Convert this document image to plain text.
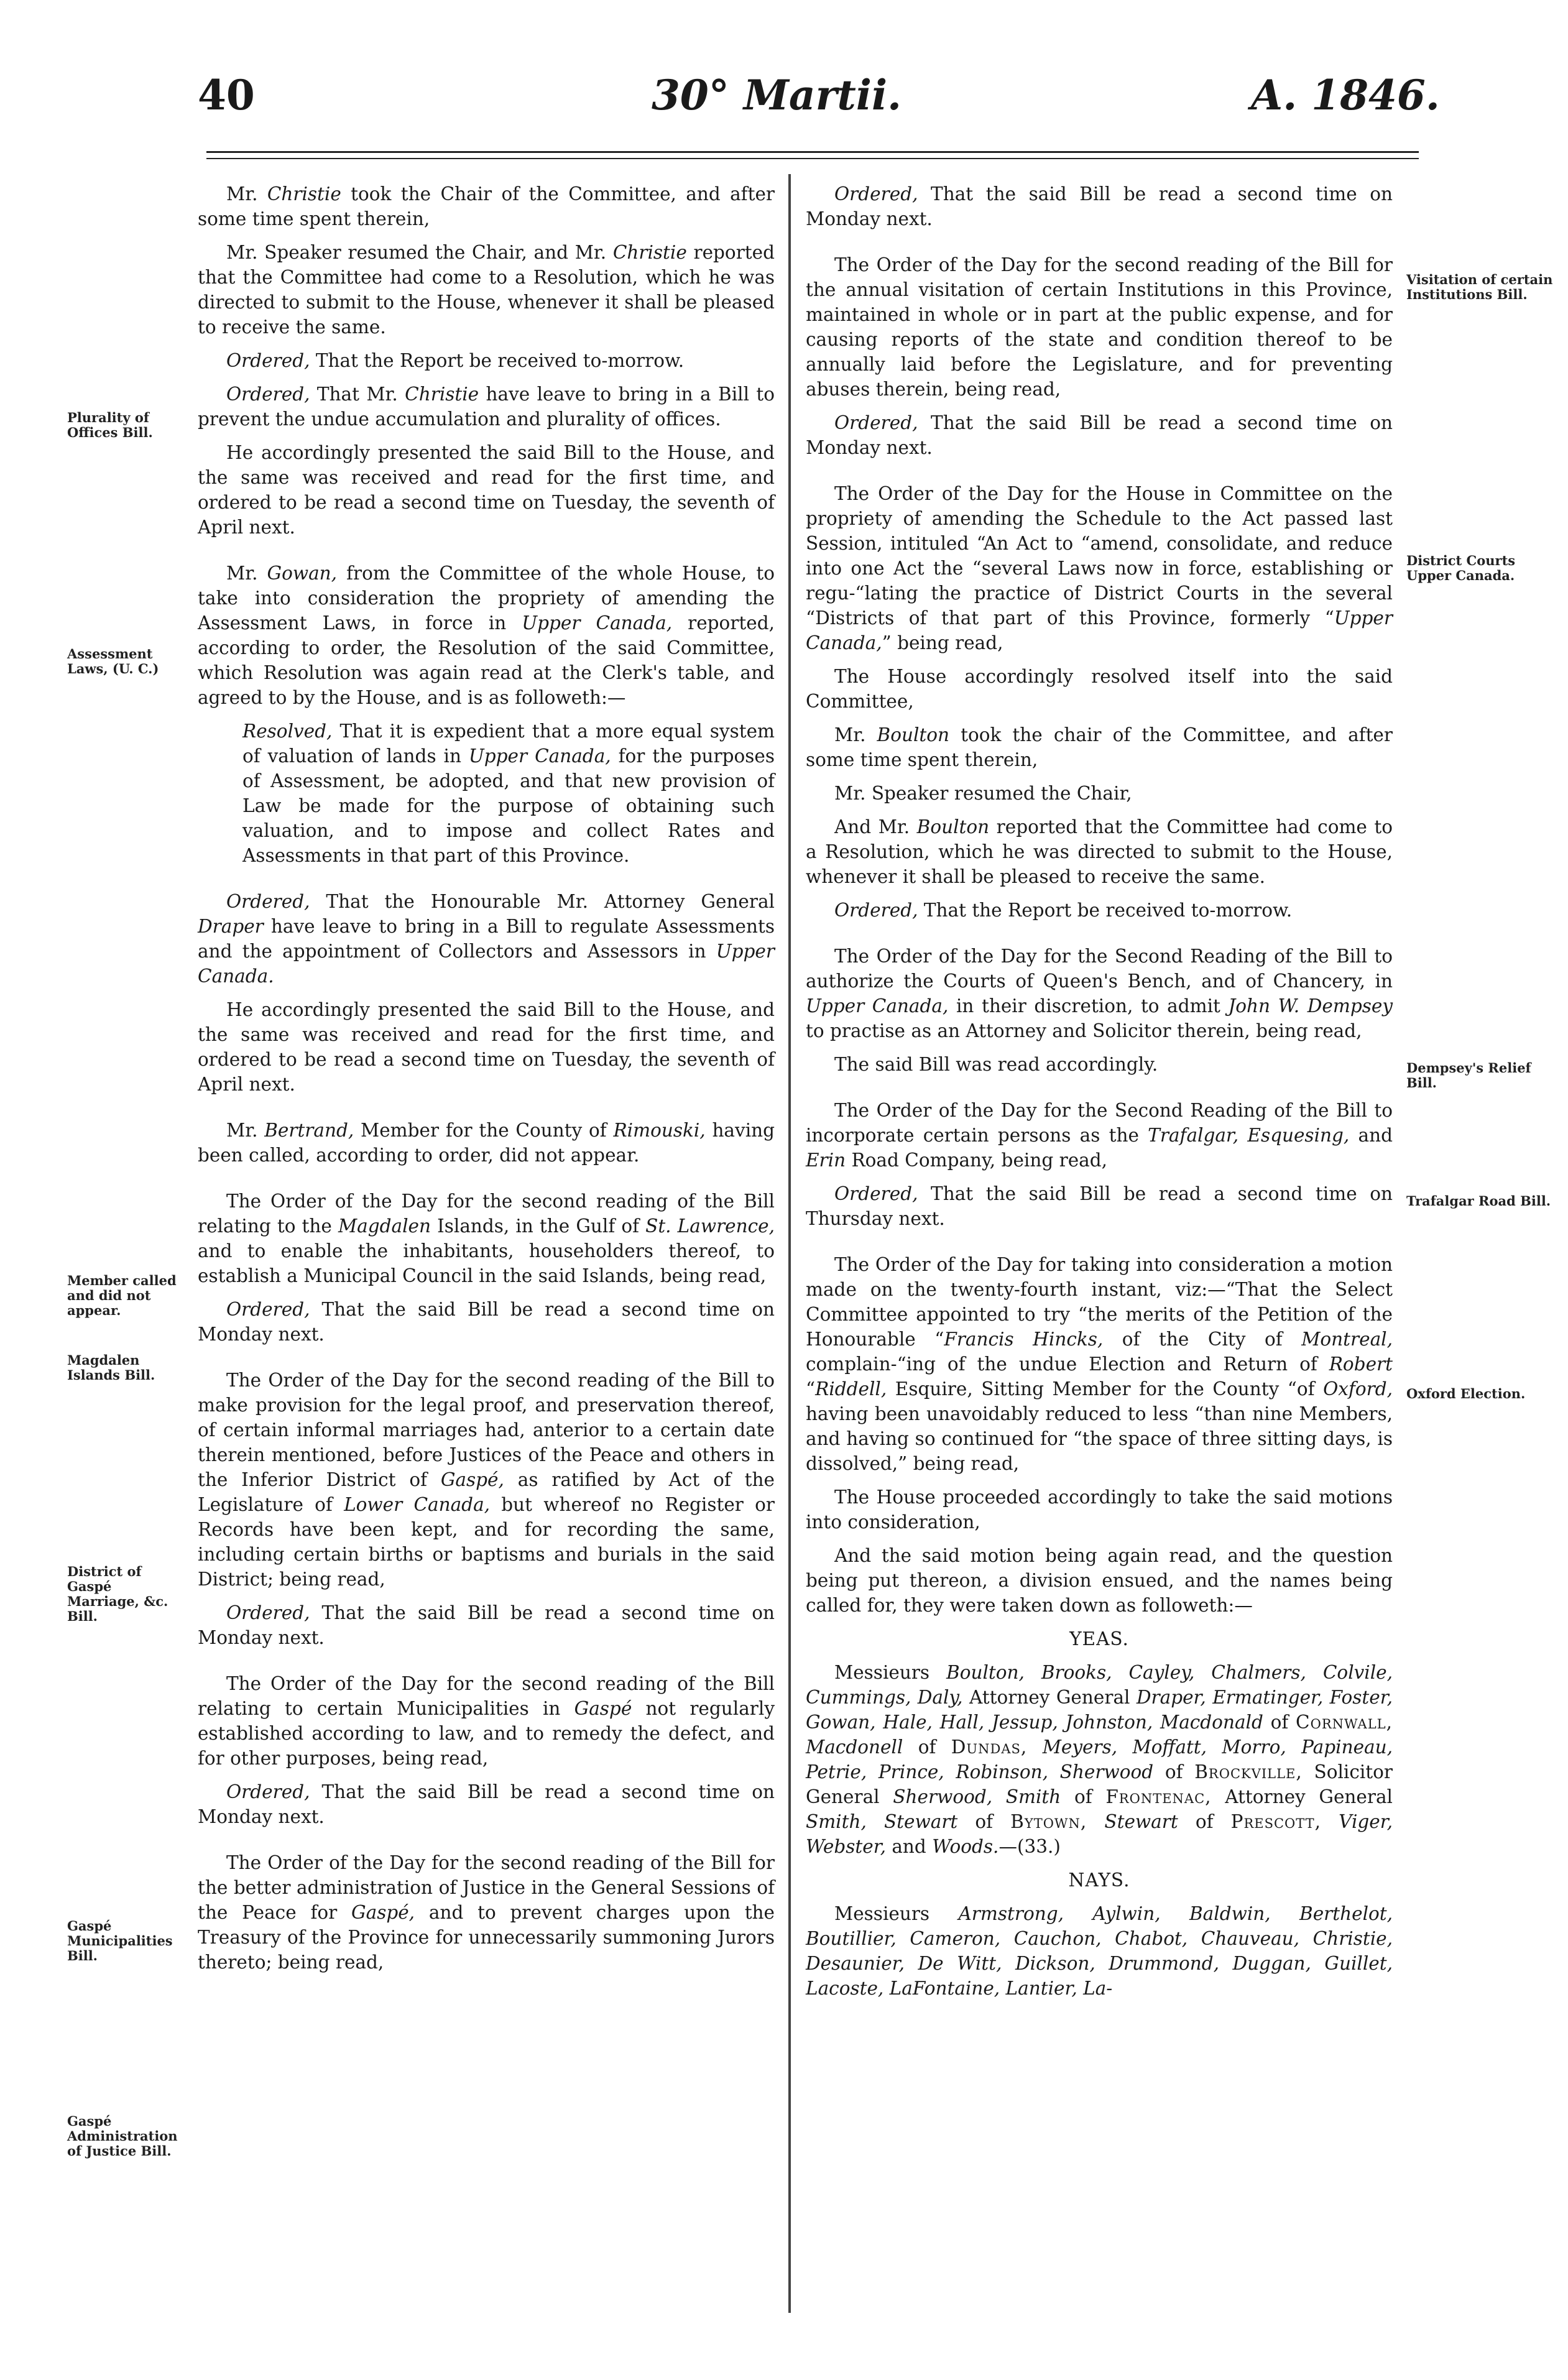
40	30° Martii.	A. 1846.
Plurality of Offices Bill.
Assessment Laws, (U. C.)
Member called and did not appear.
Magdalen Islands Bill.
District of Gaspé Marriage, &c. Bill.
Gaspé Municipalities Bill.
Gaspé Administration of Justice Bill.
Visitation of certain Institutions Bill.
District Courts Upper Canada.
Dempsey's Relief Bill.
Trafalgar Road Bill.
Oxford Election.

Mr. Christie took the Chair of the Committee, and after some time spent therein,

Mr. Speaker resumed the Chair, and Mr. Christie reported that the Committee had come to a Resolution, which he was directed to submit to the House, whenever it shall be pleased to receive the same.

Ordered, That the Report be received to-morrow.

Ordered, That Mr. Christie have leave to bring in a Bill to prevent the undue accumulation and plurality of offices.

He accordingly presented the said Bill to the House, and the same was received and read for the first time, and ordered to be read a second time on Tuesday, the seventh of April next.

Mr. Gowan, from the Committee of the whole House, to take into consideration the propriety of amending the Assessment Laws, in force in Upper Canada, reported, according to order, the Resolution of the said Committee, which Resolution was again read at the Clerk's table, and agreed to by the House, and is as followeth:—

Resolved, That it is expedient that a more equal system of valuation of lands in Upper Canada, for the purposes of Assessment, be adopted, and that new provision of Law be made for the purpose of obtaining such valuation, and to impose and collect Rates and Assessments in that part of this Province.

Ordered, That the Honourable Mr. Attorney General Draper have leave to bring in a Bill to regulate Assessments and the appointment of Collectors and Assessors in Upper Canada.

He accordingly presented the said Bill to the House, and the same was received and read for the first time, and ordered to be read a second time on Tuesday, the seventh of April next.

Mr. Bertrand, Member for the County of Rimouski, having been called, according to order, did not appear.

The Order of the Day for the second reading of the Bill relating to the Magdalen Islands, in the Gulf of St. Lawrence, and to enable the inhabitants, householders thereof, to establish a Municipal Council in the said Islands, being read,

Ordered, That the said Bill be read a second time on Monday next.

The Order of the Day for the second reading of the Bill to make provision for the legal proof, and preservation thereof, of certain informal marriages had, anterior to a certain date therein mentioned, before Justices of the Peace and others in the Inferior District of Gaspé, as ratified by Act of the Legislature of Lower Canada, but whereof no Register or Records have been kept, and for recording the same, including certain births or baptisms and burials in the said District; being read,

Ordered, That the said Bill be read a second time on Monday next.

The Order of the Day for the second reading of the Bill relating to certain Municipalities in Gaspé not regularly established according to law, and to remedy the defect, and for other purposes, being read,

Ordered, That the said Bill be read a second time on Monday next.

The Order of the Day for the second reading of the Bill for the better administration of Justice in the General Sessions of the Peace for Gaspé, and to prevent charges upon the Treasury of the Province for unnecessarily summoning Jurors thereto; being read,

Ordered, That the said Bill be read a second time on Monday next.

The Order of the Day for the second reading of the Bill for the annual visitation of certain Institutions in this Province, maintained in whole or in part at the public expense, and for causing reports of the state and condition thereof to be annually laid before the Legislature, and for preventing abuses therein, being read,

Ordered, That the said Bill be read a second time on Monday next.

The Order of the Day for the House in Committee on the propriety of amending the Schedule to the Act passed last Session, intituled “An Act to “amend, consolidate, and reduce into one Act the “several Laws now in force, establishing or regu-“lating the practice of District Courts in the several “Districts of that part of this Province, formerly “Upper Canada,” being read,

The House accordingly resolved itself into the said Committee,

Mr. Boulton took the chair of the Committee, and after some time spent therein,

Mr. Speaker resumed the Chair,

And Mr. Boulton reported that the Committee had come to a Resolution, which he was directed to submit to the House, whenever it shall be pleased to receive the same.

Ordered, That the Report be received to-morrow.

The Order of the Day for the Second Reading of the Bill to authorize the Courts of Queen's Bench, and of Chancery, in Upper Canada, in their discretion, to admit John W. Dempsey to practise as an Attorney and Solicitor therein, being read,

The said Bill was read accordingly.

The Order of the Day for the Second Reading of the Bill to incorporate certain persons as the Trafalgar, Esquesing, and Erin Road Company, being read,

Ordered, That the said Bill be read a second time on Thursday next.

The Order of the Day for taking into consideration a motion made on the twenty-fourth instant, viz:—“That the Select Committee appointed to try “the merits of the Petition of the Honourable “Francis Hincks, of the City of Montreal, complain-“ing of the undue Election and Return of Robert “Riddell, Esquire, Sitting Member for the County “of Oxford, having been unavoidably reduced to less “than nine Members, and having so continued for “the space of three sitting days, is dissolved,” being read,

The House proceeded accordingly to take the said motions into consideration,

And the said motion being again read, and the question being put thereon, a division ensued, and the names being called for, they were taken down as followeth:—

YEAS.

Messieurs Boulton, Brooks, Cayley, Chalmers, Colvile, Cummings, Daly, Attorney General Draper, Ermatinger, Foster, Gowan, Hale, Hall, Jessup, Johnston, Macdonald of Cornwall, Macdonell of Dundas, Meyers, Moffatt, Morro, Papineau, Petrie, Prince, Robinson, Sherwood of Brockville, Solicitor General Sherwood, Smith of Frontenac, Attorney General Smith, Stewart of Bytown, Stewart of Prescott, Viger, Webster, and Woods.—(33.)

NAYS.

Messieurs Armstrong, Aylwin, Baldwin, Berthelot, Boutillier, Cameron, Cauchon, Chabot, Chauveau, Christie, Desaunier, De Witt, Dickson, Drummond, Duggan, Guillet, Lacoste, LaFontaine, Lantier, La-
